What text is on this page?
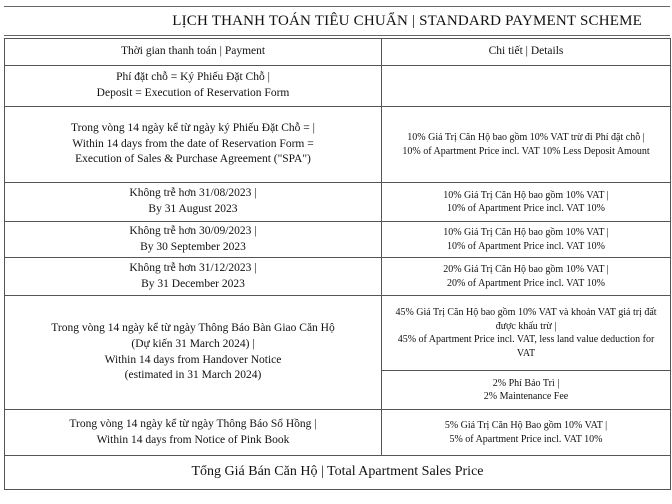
LỊCH THANH TOÁN TIÊU CHUẨN | STANDARD PAYMENT SCHEME
Thời gian thanh toán | Payment	Chi tiết | Details

Phí đặt chỗ = Ký Phiếu Đặt Chỗ |
Deposit = Execution of Reservation Form	

Trong vòng 14 ngày kể từ ngày ký Phiếu Đặt Chỗ = |
Within 14 days from the date of Reservation Form =
Execution of Sales & Purchase Agreement ("SPA")	10% Giá Trị Căn Hộ bao gồm 10% VAT trừ đi Phí đặt chỗ |
10% of Apartment Price incl. VAT 10% Less Deposit Amount

Không trễ hơn 31/08/2023 |
By 31 August 2023	10% Giá Trị Căn Hộ bao gồm 10% VAT |
10% of Apartment Price incl. VAT 10%

Không trễ hơn 30/09/2023 |
By 30 September 2023	10% Giá Trị Căn Hộ bao gồm 10% VAT |
10% of Apartment Price incl. VAT 10%

Không trễ hơn 31/12/2023 |
By 31 December 2023	20% Giá Trị Căn Hộ bao gồm 10% VAT |
20% of Apartment Price incl. VAT 10%

Trong vòng 14 ngày kể từ ngày Thông Báo Bàn Giao Căn Hộ
(Dự kiến 31 March 2024) |
Within 14 days from Handover Notice
(estimated in 31 March 2024)	45% Giá Trị Căn Hộ bao gồm 10% VAT và khoản VAT giá trị đất
được khấu trừ |
45% of Apartment Price incl. VAT, less land value deduction for
VAT

	2% Phí Bảo Trì |
2% Maintenance Fee

Trong vòng 14 ngày kể từ ngày Thông Báo Sổ Hồng |
Within 14 days from Notice of Pink Book	5% Giá Trị Căn Hộ Bao gồm 10% VAT |
5% of Apartment Price incl. VAT 10%

Tổng Giá Bán Căn Hộ | Total Apartment Sales Price	
